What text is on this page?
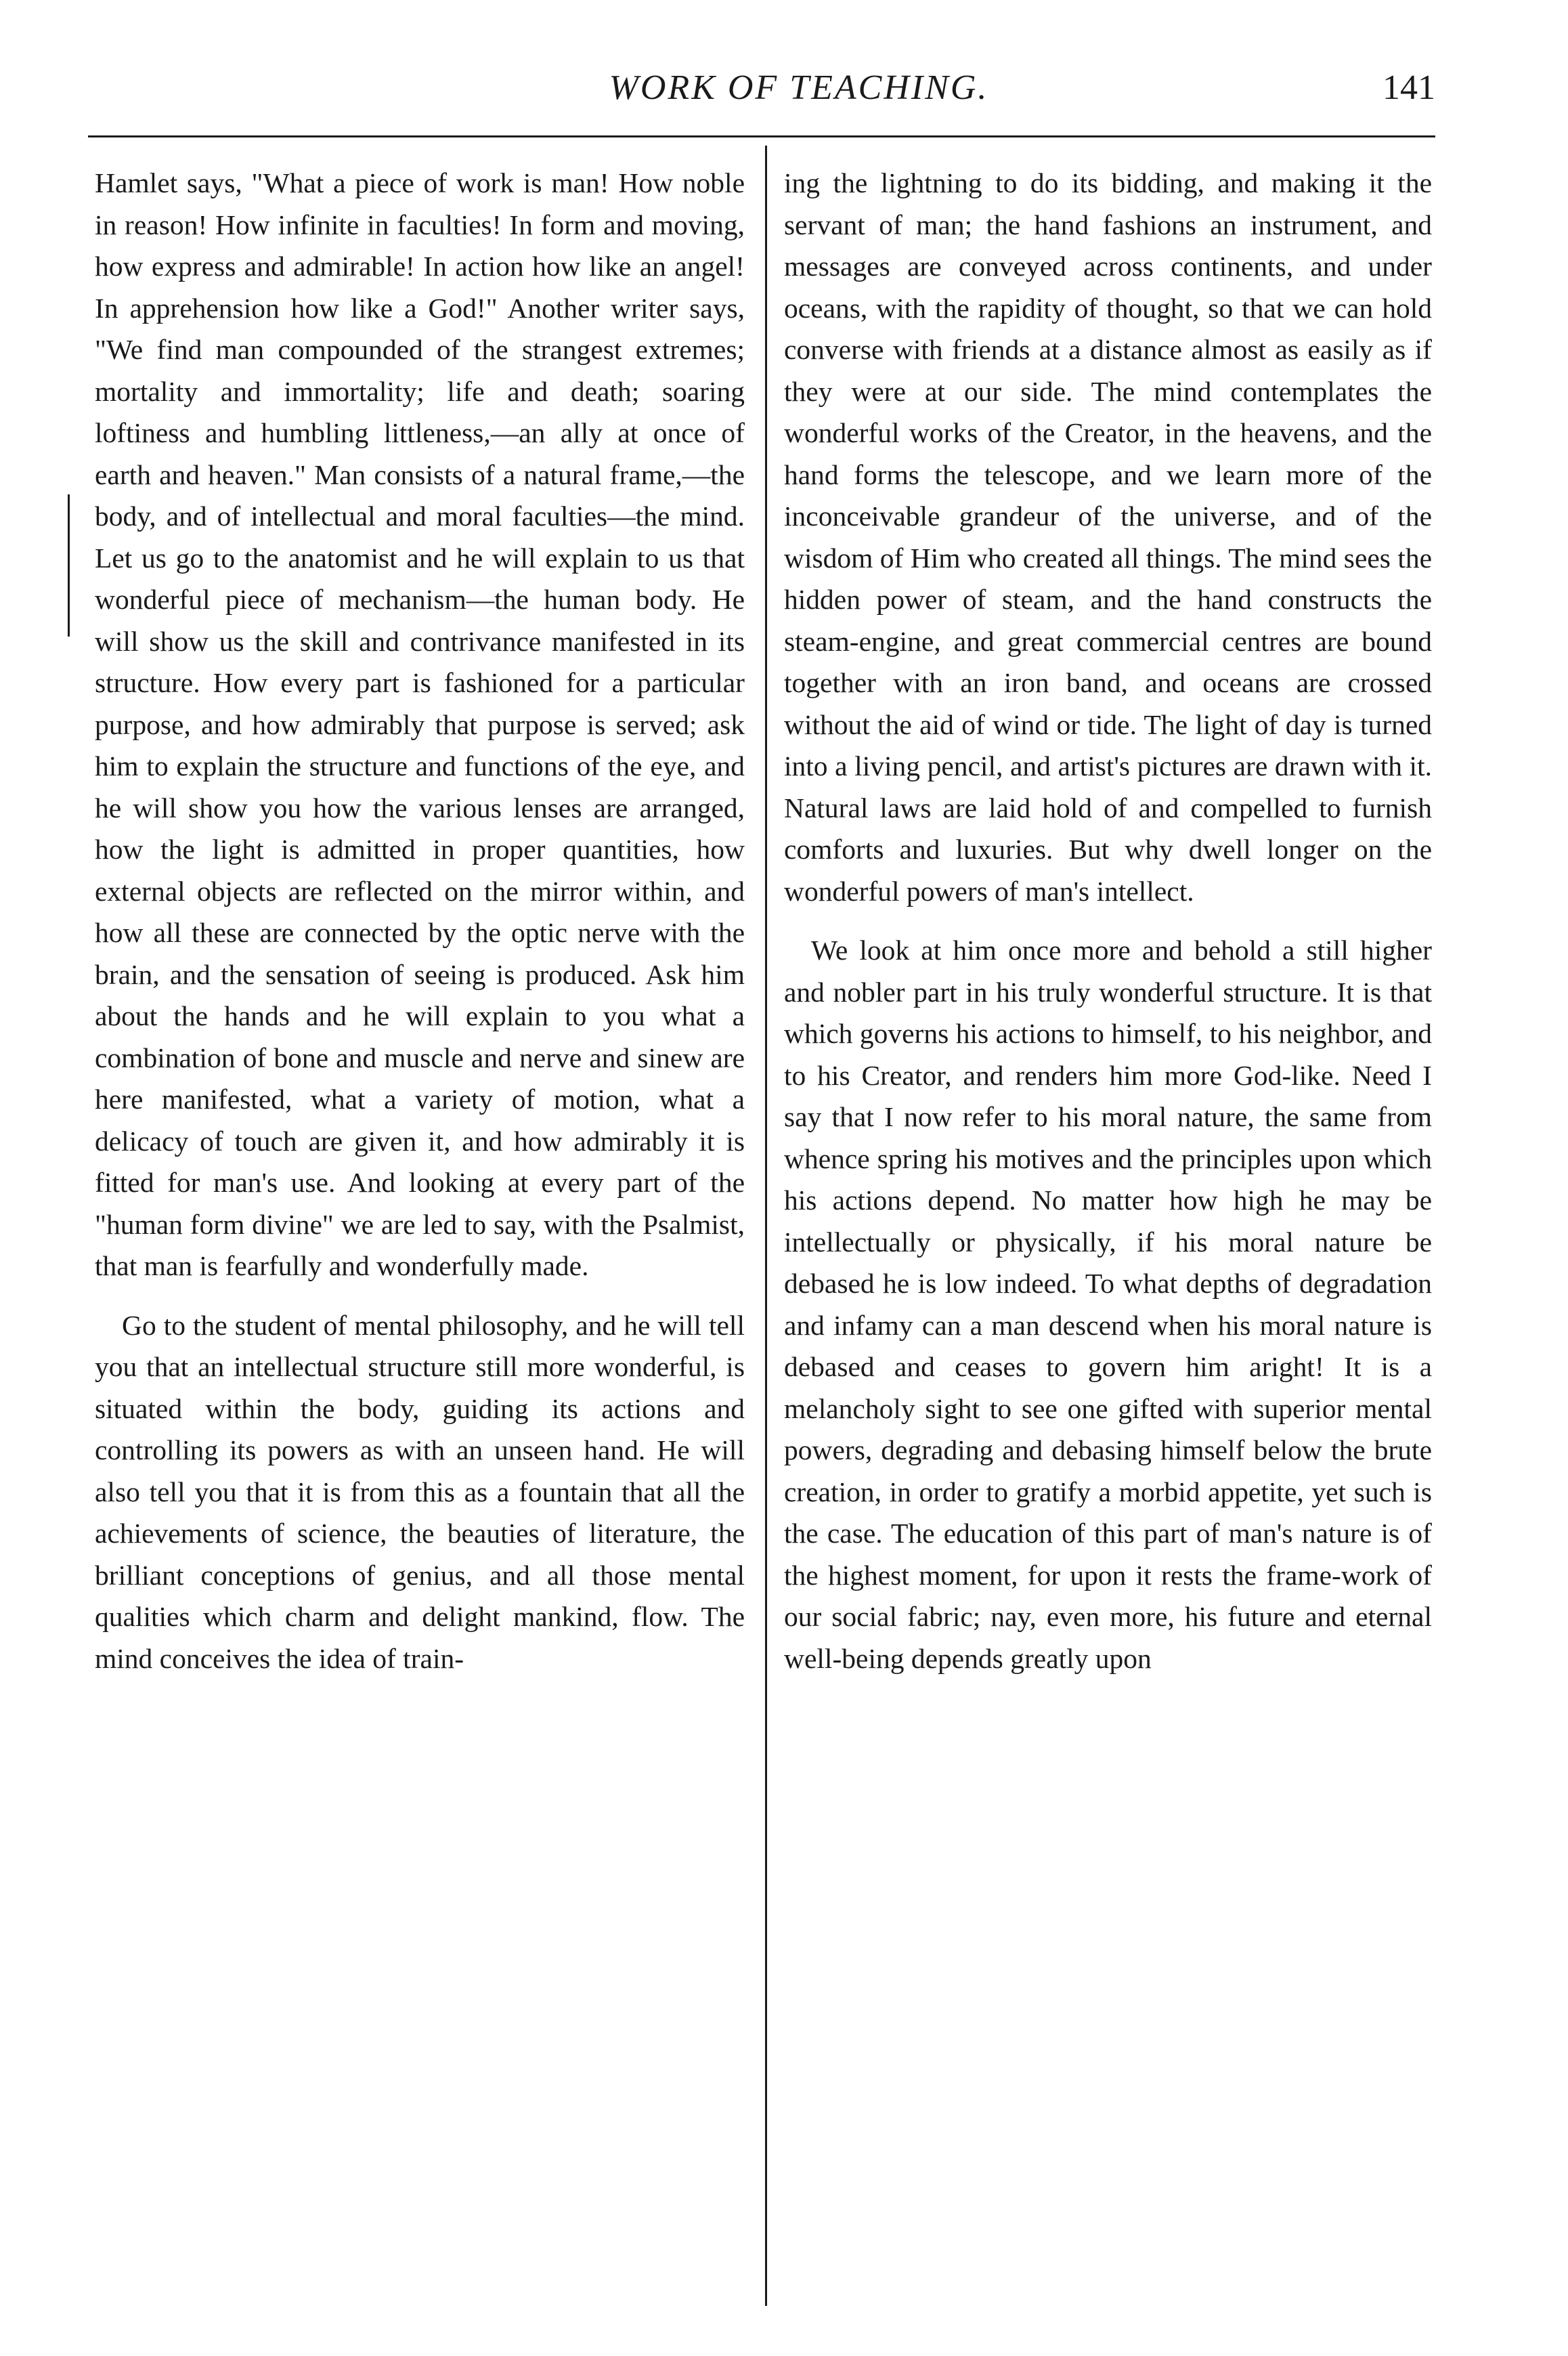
WORK OF TEACHING.	141

Hamlet says, "What a piece of work is man! How noble in reason! How infinite in faculties! In form and moving, how express and admirable! In action how like an angel! In apprehension how like a God!" Another writer says, "We find man compounded of the strangest extremes; mortality and immortality; life and death; soaring loftiness and humbling littleness,—an ally at once of earth and heaven." Man consists of a natural frame,—the body, and of intellectual and moral faculties—the mind. Let us go to the anatomist and he will explain to us that wonderful piece of mechanism—the human body. He will show us the skill and contrivance manifested in its structure. How every part is fashioned for a particular purpose, and how admirably that purpose is served; ask him to explain the structure and functions of the eye, and he will show you how the various lenses are arranged, how the light is admitted in proper quantities, how external objects are reflected on the mirror within, and how all these are connected by the optic nerve with the brain, and the sensation of seeing is produced. Ask him about the hands and he will explain to you what a combination of bone and muscle and nerve and sinew are here manifested, what a variety of motion, what a delicacy of touch are given it, and how admirably it is fitted for man's use. And looking at every part of the "human form divine" we are led to say, with the Psalmist, that man is fearfully and wonderfully made.

Go to the student of mental philosophy, and he will tell you that an intellectual structure still more wonderful, is situated within the body, guiding its actions and controlling its powers as with an unseen hand. He will also tell you that it is from this as a fountain that all the achievements of science, the beauties of literature, the brilliant conceptions of genius, and all those mental qualities which charm and delight mankind, flow. The mind conceives the idea of train-

ing the lightning to do its bidding, and making it the servant of man; the hand fashions an instrument, and messages are conveyed across continents, and under oceans, with the rapidity of thought, so that we can hold converse with friends at a distance almost as easily as if they were at our side. The mind contemplates the wonderful works of the Creator, in the heavens, and the hand forms the telescope, and we learn more of the inconceivable grandeur of the universe, and of the wisdom of Him who created all things. The mind sees the hidden power of steam, and the hand constructs the steam-engine, and great commercial centres are bound together with an iron band, and oceans are crossed without the aid of wind or tide. The light of day is turned into a living pencil, and artist's pictures are drawn with it. Natural laws are laid hold of and compelled to furnish comforts and luxuries. But why dwell longer on the wonderful powers of man's intellect.

We look at him once more and behold a still higher and nobler part in his truly wonderful structure. It is that which governs his actions to himself, to his neighbor, and to his Creator, and renders him more God-like. Need I say that I now refer to his moral nature, the same from whence spring his motives and the principles upon which his actions depend. No matter how high he may be intellectually or physically, if his moral nature be debased he is low indeed. To what depths of degradation and infamy can a man descend when his moral nature is debased and ceases to govern him aright! It is a melancholy sight to see one gifted with superior mental powers, degrading and debasing himself below the brute creation, in order to gratify a morbid appetite, yet such is the case. The education of this part of man's nature is of the highest moment, for upon it rests the frame-work of our social fabric; nay, even more, his future and eternal well-being depends greatly upon
